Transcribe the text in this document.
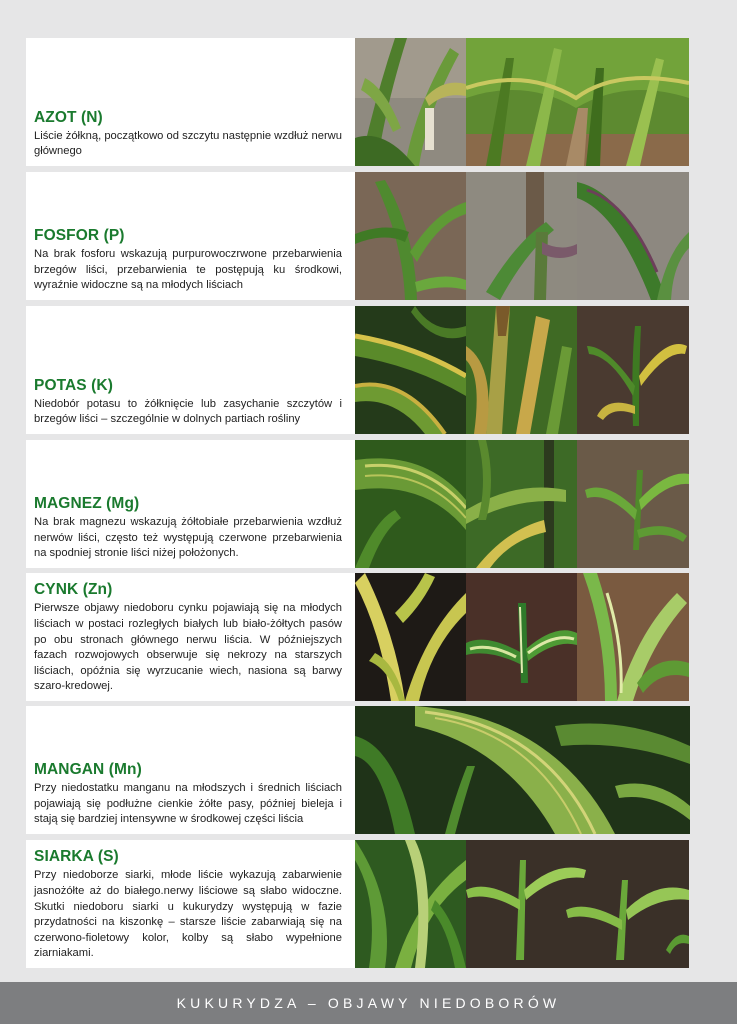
AZOT (N)
Liście żółkną, początkowo od szczytu następnie wzdłuż nerwu głównego
FOSFOR (P)
Na brak fosforu wskazują purpurowoczrwone przebarwienia brzegów liści, przebarwienia te postępują ku środkowi, wyraźnie widoczne są na młodych liściach
POTAS (K)
Niedobór potasu to żółknięcie lub zasychanie szczytów i brzegów liści – szczególnie w dolnych partiach rośliny
MAGNEZ (Mg)
Na brak magnezu wskazują żółtobiałe przebarwienia wzdłuż nerwów liści, często też występują czerwone przebarwienia na spodniej stronie liści niżej położonych.
CYNK (Zn)
Pierwsze objawy niedoboru cynku pojawiają się na młodych liściach w postaci rozległych białych lub biało-żółtych pasów po obu stronach głównego nerwu liścia. W późniejszych fazach rozwojowych obserwuje się nekrozy na starszych liściach, opóźnia się wyrzucanie wiech, nasiona są barwy szaro-kredowej.
MANGAN (Mn)
Przy niedostatku manganu na młodszych i średnich liściach pojawiają się podłużne cienkie żółte pasy, później bieleja i stają się bardziej intensywne w środkowej części liścia
SIARKA (S)
Przy niedoborze siarki, młode liście wykazują zabarwienie jasnożółte aż do białego.nerwy liściowe są słabo widoczne. Skutki niedoboru siarki u kukurydzy występują w fazie przydatności na kiszonkę – starsze liście zabarwiają się na czerwono-fioletowy kolor, kolby są słabo wypełnione ziarniakami.
KUKURYDZA – OBJAWY NIEDOBORÓW
